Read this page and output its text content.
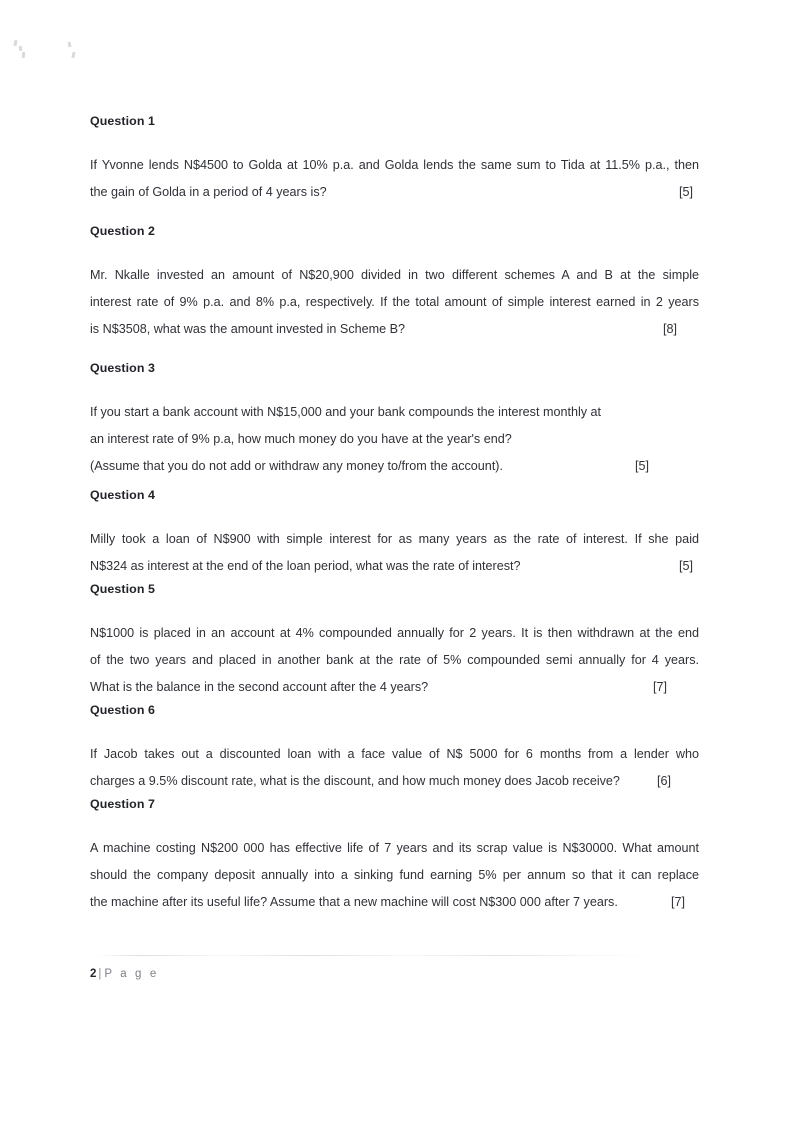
Question 1

If Yvonne lends N$4500 to Golda at 10% p.a. and Golda lends the same sum to Tida at 11.5% p.a., then
the gain of Golda in a period of 4 years is?	[5]

Question 2

Mr. Nkalle invested an amount of N$20,900 divided in two different schemes A and B at the simple
interest rate of 9% p.a. and 8% p.a, respectively. If the total amount of simple interest earned in 2 years
is N$3508, what was the amount invested in Scheme B?	[8]

Question 3

If you start a bank account with N$15,000 and your bank compounds the interest monthly at
an interest rate of 9% p.a, how much money do you have at the year's end?
(Assume that you do not add or withdraw any money to/from the account).	[5]

Question 4

Milly took a loan of N$900 with simple interest for as many years as the rate of interest. If she paid
N$324 as interest at the end of the loan period, what was the rate of interest?	[5]

Question 5

N$1000 is placed in an account at 4% compounded annually for 2 years. It is then withdrawn at the end
of the two years and placed in another bank at the rate of 5% compounded semi annually for 4 years.
What is the balance in the second account after the 4 years?	[7]

Question 6

If Jacob takes out a discounted loan with a face value of N$ 5000 for 6 months from a lender who
charges a 9.5% discount rate, what is the discount, and how much money does Jacob receive?	[6]

Question 7

A machine costing N$200 000 has effective life of 7 years and its scrap value is N$30000. What amount
should the company deposit annually into a sinking fund earning 5% per annum so that it can replace
the machine after its useful life? Assume that a new machine will cost N$300 000 after 7 years.	[7]

2 | P a g e
